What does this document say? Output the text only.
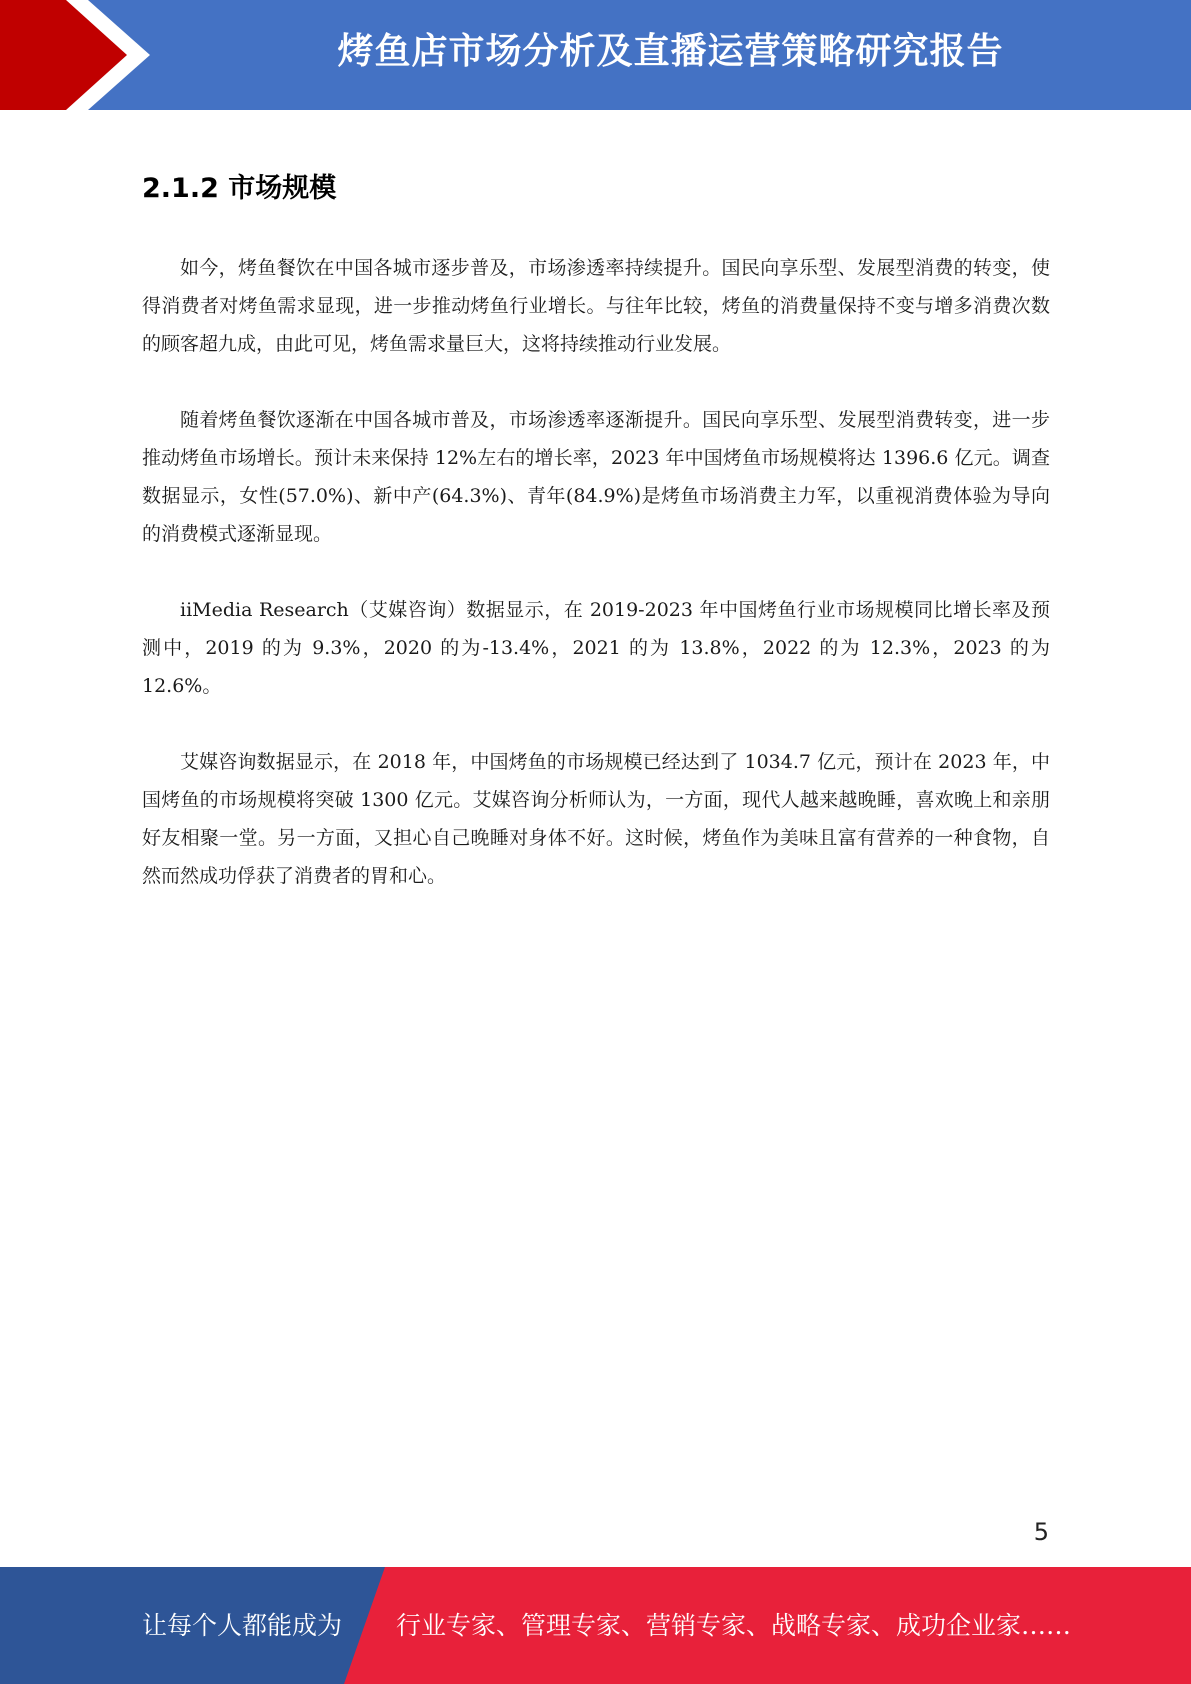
烤鱼店市场分析及直播运营策略研究报告
2.1.2 市场规模

如今，烤鱼餐饮在中国各城市逐步普及，市场渗透率持续提升。国民向享乐型、发展型消费的转变，使得消费者对烤鱼需求显现，进一步推动烤鱼行业增长。与往年比较，烤鱼的消费量保持不变与增多消费次数的顾客超九成，由此可见，烤鱼需求量巨大，这将持续推动行业发展。

随着烤鱼餐饮逐渐在中国各城市普及，市场渗透率逐渐提升。国民向享乐型、发展型消费转变，进一步推动烤鱼市场增长。预计未来保持 12%左右的增长率，2023 年中国烤鱼市场规模将达 1396.6 亿元。调查数据显示，女性(57.0%)、新中产(64.3%)、青年(84.9%)是烤鱼市场消费主力军，以重视消费体验为导向的消费模式逐渐显现。

iiMedia Research（艾媒咨询）数据显示，在 2019-2023 年中国烤鱼行业市场规模同比增长率及预测中，2019 的为 9.3%，2020 的为-13.4%，2021 的为 13.8%，2022 的为 12.3%，2023 的为 12.6%。

艾媒咨询数据显示，在 2018 年，中国烤鱼的市场规模已经达到了 1034.7 亿元，预计在 2023 年，中国烤鱼的市场规模将突破 1300 亿元。艾媒咨询分析师认为，一方面，现代人越来越晚睡，喜欢晚上和亲朋好友相聚一堂。另一方面，又担心自己晚睡对身体不好。这时候，烤鱼作为美味且富有营养的一种食物，自然而然成功俘获了消费者的胃和心。

5
让每个人都能成为 行业专家、管理专家、营销专家、战略专家、成功企业家……
